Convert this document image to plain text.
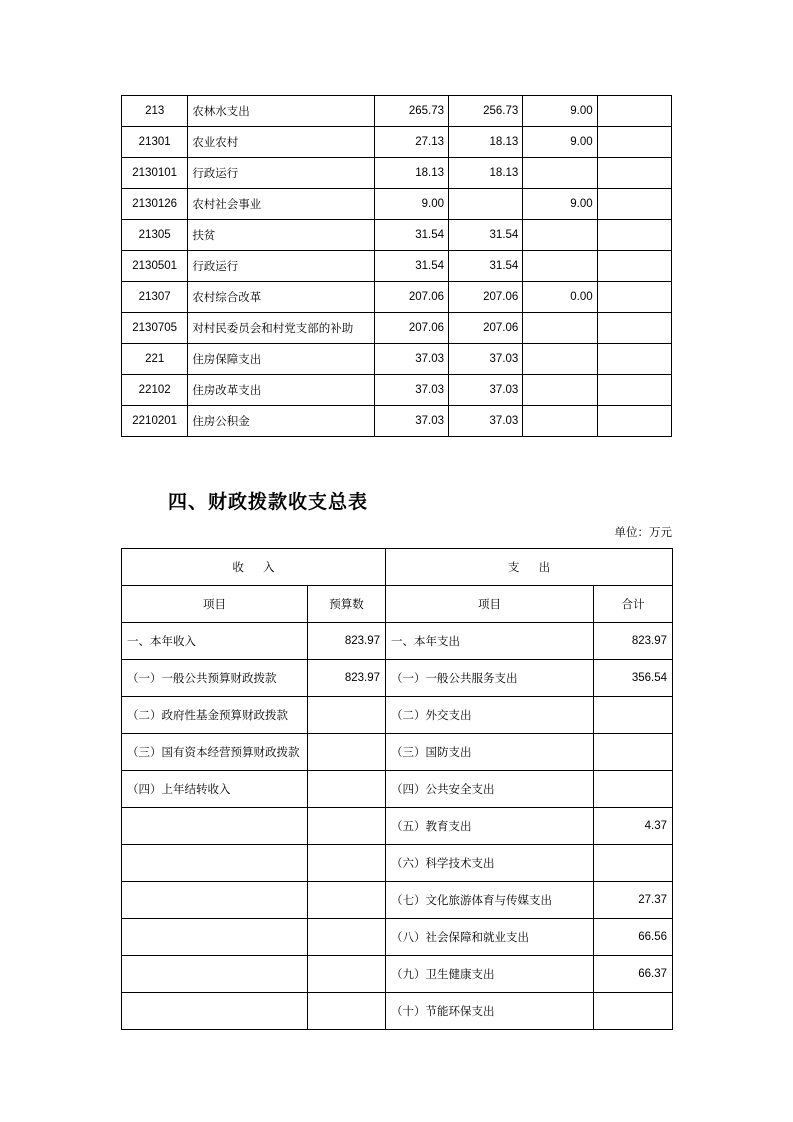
213	农林水支出	265.73	256.73	9.00	
21301	农业农村	27.13	18.13	9.00	
2130101	行政运行	18.13	18.13		
2130126	农村社会事业	9.00		9.00	
21305	扶贫	31.54	31.54		
2130501	行政运行	31.54	31.54		
21307	农村综合改革	207.06	207.06	0.00	
2130705	对村民委员会和村党支部的补助	207.06	207.06		
221	住房保障支出	37.03	37.03		
22102	住房改革支出	37.03	37.03		
2210201	住房公积金	37.03	37.03		
四、财政拨款收支总表
单位：万元
收 入		支 出	
项目	预算数	项目	合计
一、本年收入	823.97	一、本年支出	823.97
（一）一般公共预算财政拨款	823.97	（一）一般公共服务支出	356.54
（二）政府性基金预算财政拨款		（二）外交支出	
（三）国有资本经营预算财政拨款		（三）国防支出	
（四）上年结转收入		（四）公共安全支出	
		（五）教育支出	4.37
		（六）科学技术支出	
		（七）文化旅游体育与传媒支出	27.37
		（八）社会保障和就业支出	66.56
		（九）卫生健康支出	66.37
		（十）节能环保支出	
